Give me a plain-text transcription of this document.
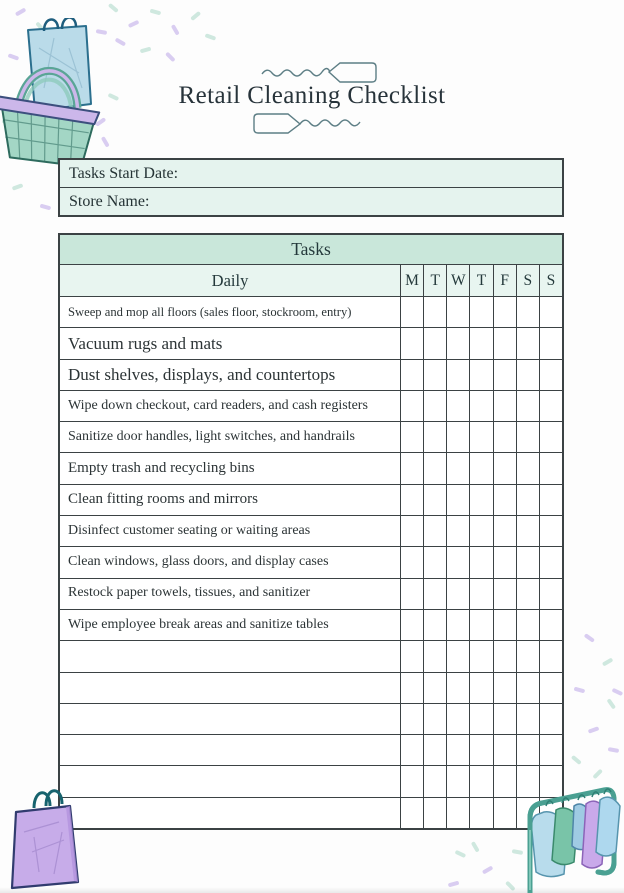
Retail Cleaning Checklist
Tasks Start Date:
Store Name:
Tasks
Daily	M T W T F S S
Sweep and mop all floors (sales floor, stockroom, entry)
Vacuum rugs and mats
Dust shelves, displays, and countertops
Wipe down checkout, card readers, and cash registers
Sanitize door handles, light switches, and handrails
Empty trash and recycling bins
Clean fitting rooms and mirrors
Disinfect customer seating or waiting areas
Clean windows, glass doors, and display cases
Restock paper towels, tissues, and sanitizer
Wipe employee break areas and sanitize tables
